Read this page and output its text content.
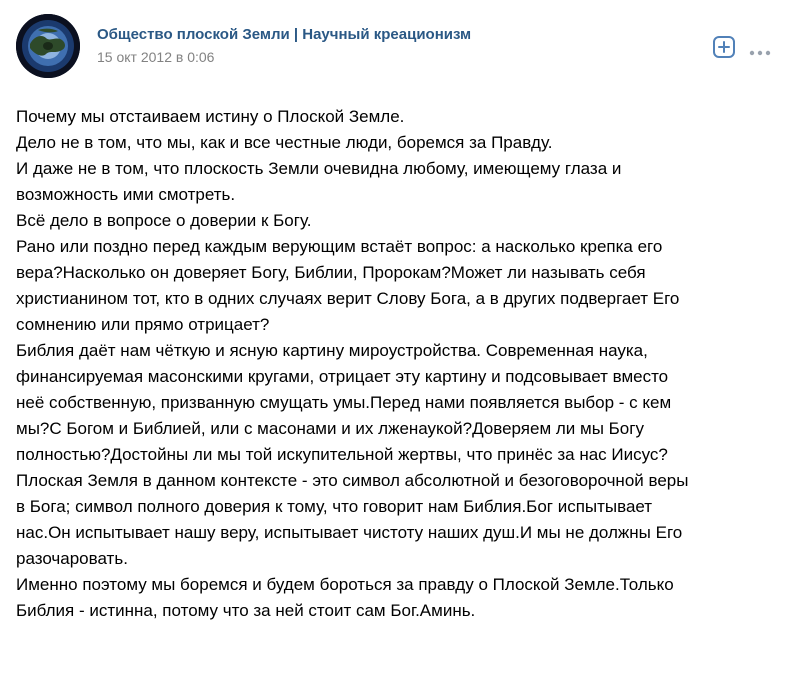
Общество плоской Земли | Научный креационизм
15 окт 2012 в 0:06
Почему мы отстаиваем истину о Плоской Земле.
Дело не в том, что мы, как и все честные люди, боремся за Правду.
И даже не в том, что плоскость Земли очевидна любому, имеющему глаза и
возможность ими смотреть.
Всё дело в вопросе о доверии к Богу.
Рано или поздно перед каждым верующим встаёт вопрос: а насколько крепка его
вера?Насколько он доверяет Богу, Библии, Пророкам?Может ли называть себя
христианином тот, кто в одних случаях верит Слову Бога, а в других подвергает Его
сомнению или прямо отрицает?
Библия даёт нам чёткую и ясную картину мироустройства. Современная наука,
финансируемая масонскими кругами, отрицает эту картину и подсовывает вместо
неё собственную, призванную смущать умы.Перед нами появляется выбор - с кем
мы?С Богом и Библией, или с масонами и их лженаукой?Доверяем ли мы Богу
полностью?Достойны ли мы той искупительной жертвы, что принёс за нас Иисус?
Плоская Земля в данном контексте - это символ абсолютной и безоговорочной веры
в Бога; символ полного доверия к тому, что говорит нам Библия.Бог испытывает
нас.Он испытывает нашу веру, испытывает чистоту наших душ.И мы не должны Его
разочаровать.
Именно поэтому мы боремся и будем бороться за правду о Плоской Земле.Только
Библия - истинна, потому что за ней стоит сам Бог.Аминь.
